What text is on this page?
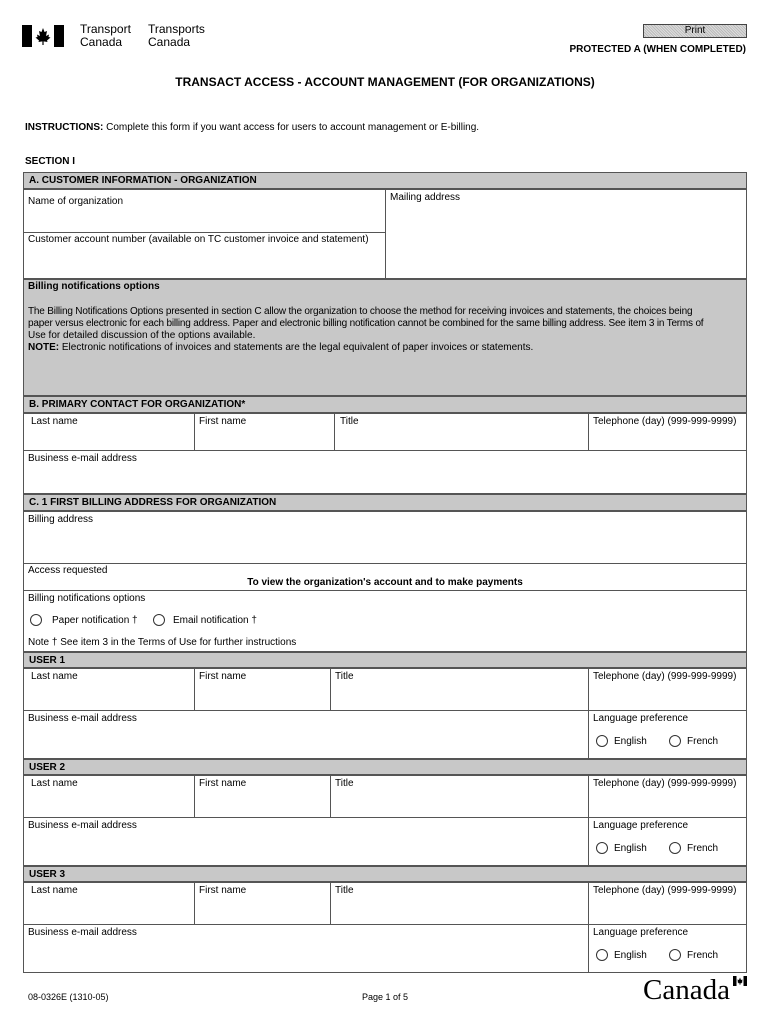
Transport
Canada
Transports
Canada
Print
PROTECTED A (WHEN COMPLETED)
TRANSACT ACCESS - ACCOUNT MANAGEMENT (FOR ORGANIZATIONS)
INSTRUCTIONS: Complete this form if you want access for users to account management or E-billing.
SECTION I
A. CUSTOMER INFORMATION - ORGANIZATION
Name of organization	Mailing address
Customer account number (available on TC customer invoice and statement)
Billing notifications options
The Billing Notifications Options presented in section C allow the organization to choose the method for receiving invoices and statements, the choices being
paper versus electronic for each billing address. Paper and electronic billing notification cannot be combined for the same billing address. See item 3 in Terms of
Use for detailed discussion of the options available.
NOTE: Electronic notifications of invoices and statements are the legal equivalent of paper invoices or statements.
B. PRIMARY CONTACT FOR ORGANIZATION*
Last name	First name	Title	Telephone (day) (999-999-9999)
Business e-mail address
C. 1 FIRST BILLING ADDRESS FOR ORGANIZATION
Billing address
Access requested
To view the organization's account and to make payments
Billing notifications options
Paper notification †	Email notification †
Note † See item 3 in the Terms of Use for further instructions
USER 1
Last name	First name	Title	Telephone (day) (999-999-9999)
Business e-mail address	Language preference
English	French
USER 2
Last name	First name	Title	Telephone (day) (999-999-9999)
Business e-mail address	Language preference
English	French
USER 3
Last name	First name	Title	Telephone (day) (999-999-9999)
Business e-mail address	Language preference
English	French
08-0326E (1310-05)	Page 1 of 5	Canada
